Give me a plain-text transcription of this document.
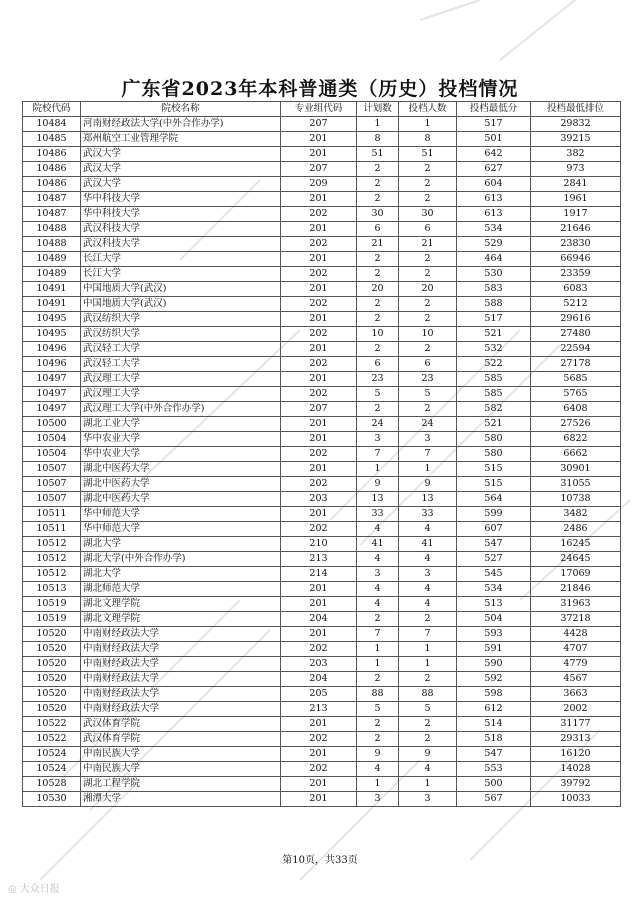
广东省2023年本科普通类（历史）投档情况
院校代码	院校名称	专业组代码	计划数	投档人数	投档最低分	投档最低排位
10484	河南财经政法大学(中外合作办学)	207	1	1	517	29832
10485	郑州航空工业管理学院	201	8	8	501	39215
10486	武汉大学	201	51	51	642	382
10486	武汉大学	207	2	2	627	973
10486	武汉大学	209	2	2	604	2841
10487	华中科技大学	201	2	2	613	1961
10487	华中科技大学	202	30	30	613	1917
10488	武汉科技大学	201	6	6	534	21646
10488	武汉科技大学	202	21	21	529	23830
10489	长江大学	201	2	2	464	66946
10489	长江大学	202	2	2	530	23359
10491	中国地质大学(武汉)	201	20	20	583	6083
10491	中国地质大学(武汉)	202	2	2	588	5212
10495	武汉纺织大学	201	2	2	517	29616
10495	武汉纺织大学	202	10	10	521	27480
10496	武汉轻工大学	201	2	2	532	22594
10496	武汉轻工大学	202	6	6	522	27178
10497	武汉理工大学	201	23	23	585	5685
10497	武汉理工大学	202	5	5	585	5765
10497	武汉理工大学(中外合作办学)	207	2	2	582	6408
10500	湖北工业大学	201	24	24	521	27526
10504	华中农业大学	201	3	3	580	6822
10504	华中农业大学	202	7	7	580	6662
10507	湖北中医药大学	201	1	1	515	30901
10507	湖北中医药大学	202	9	9	515	31055
10507	湖北中医药大学	203	13	13	564	10738
10511	华中师范大学	201	33	33	599	3482
10511	华中师范大学	202	4	4	607	2486
10512	湖北大学	210	41	41	547	16245
10512	湖北大学(中外合作办学)	213	4	4	527	24645
10512	湖北大学	214	3	3	545	17069
10513	湖北师范大学	201	4	4	534	21846
10519	湖北文理学院	201	4	4	513	31963
10519	湖北文理学院	204	2	2	504	37218
10520	中南财经政法大学	201	7	7	593	4428
10520	中南财经政法大学	202	1	1	591	4707
10520	中南财经政法大学	203	1	1	590	4779
10520	中南财经政法大学	204	2	2	592	4567
10520	中南财经政法大学	205	88	88	598	3663
10520	中南财经政法大学	213	5	5	612	2002
10522	武汉体育学院	201	2	2	514	31177
10522	武汉体育学院	202	2	2	518	29313
10524	中南民族大学	201	9	9	547	16120
10524	中南民族大学	202	4	4	553	14028
10528	湖北工程学院	201	1	1	500	39792
10530	湘潭大学	201	3	3	567	10033
第10页，共33页
◎ 大众日报
